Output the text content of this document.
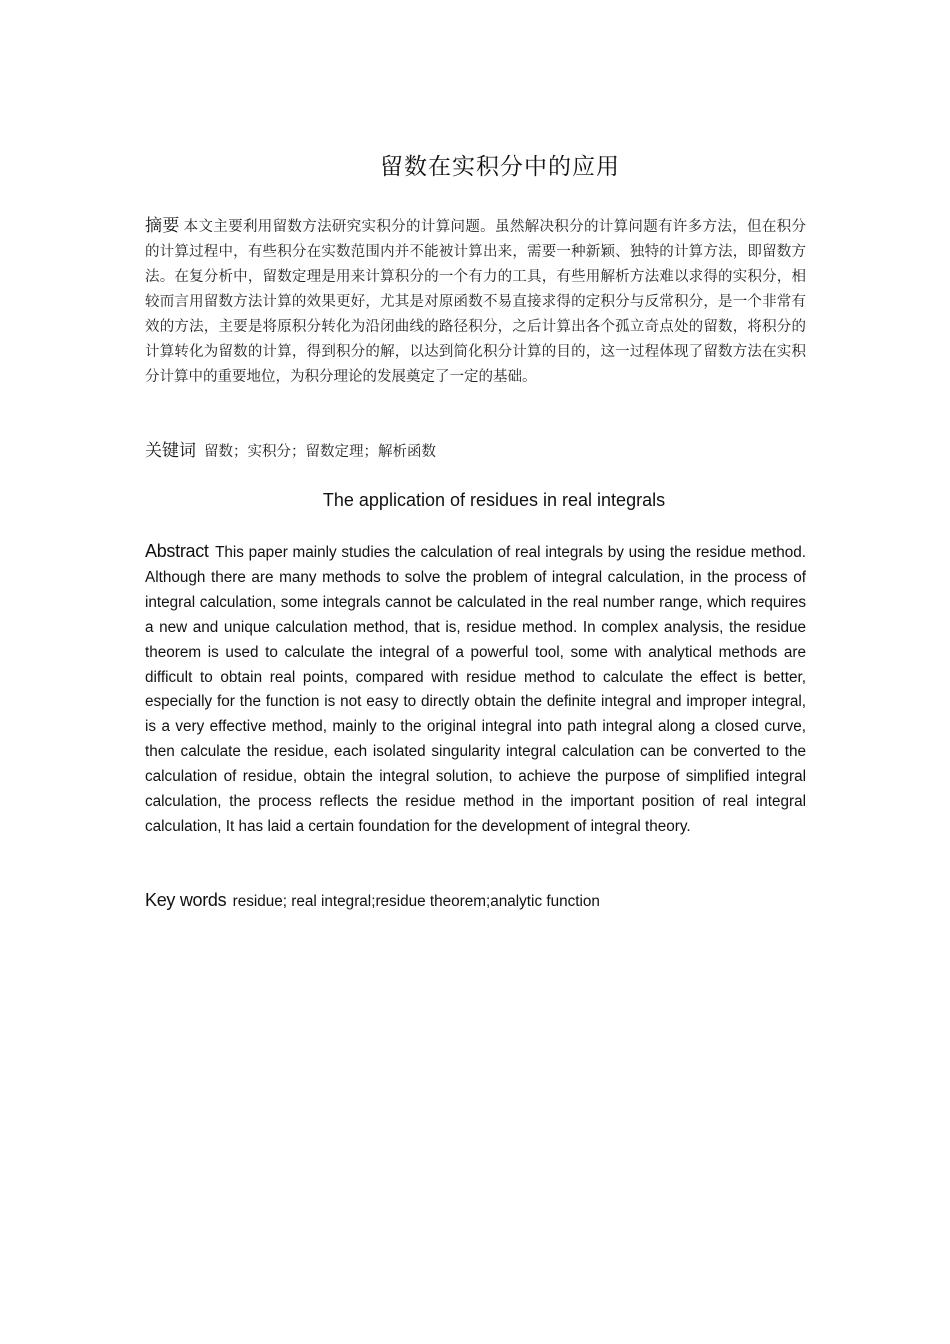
留数在实积分中的应用
摘要 本文主要利用留数方法研究实积分的计算问题。虽然解决积分的计算问题有许多方法，但在积分的计算过程中，有些积分在实数范围内并不能被计算出来，需要一种新颖、独特的计算方法，即留数方法。在复分析中，留数定理是用来计算积分的一个有力的工具，有些用解析方法难以求得的实积分，相较而言用留数方法计算的效果更好，尤其是对原函数不易直接求得的定积分与反常积分，是一个非常有效的方法，主要是将原积分转化为沿闭曲线的路径积分，之后计算出各个孤立奇点处的留数，将积分的计算转化为留数的计算，得到积分的解，以达到简化积分计算的目的，这一过程体现了留数方法在实积分计算中的重要地位，为积分理论的发展奠定了一定的基础。
关键词 留数；实积分；留数定理；解析函数
The application of residues in real integrals
Abstract This paper mainly studies the calculation of real integrals by using the residue method. Although there are many methods to solve the problem of integral calculation, in the process of integral calculation, some integrals cannot be calculated in the real number range, which requires a new and unique calculation method, that is, residue method. In complex analysis, the residue theorem is used to calculate the integral of a powerful tool, some with analytical methods are difficult to obtain real points, compared with residue method to calculate the effect is better, especially for the function is not easy to directly obtain the definite integral and improper integral, is a very effective method, mainly to the original integral into path integral along a closed curve, then calculate the residue, each isolated singularity integral calculation can be converted to the calculation of residue, obtain the integral solution, to achieve the purpose of simplified integral calculation, the process reflects the residue method in the important position of real integral calculation, It has laid a certain foundation for the development of integral theory.
Key words residue; real integral;residue theorem;analytic function
